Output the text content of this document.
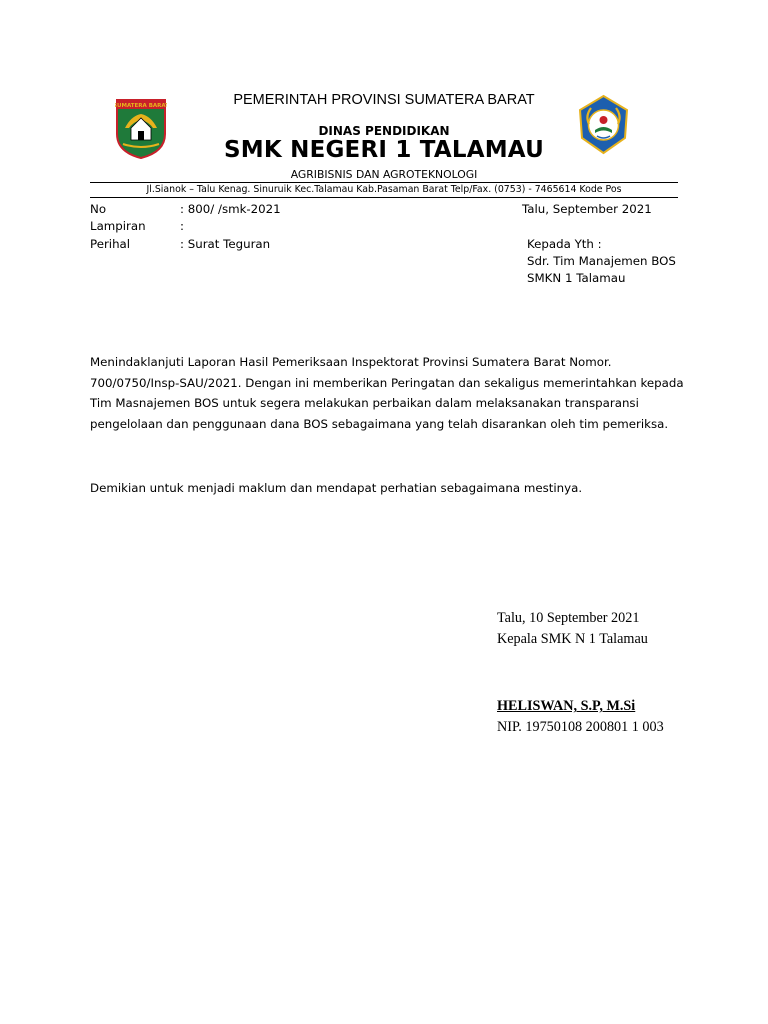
SUMATERA BARAT	PEMERINTAH PROVINSI SUMATERA BARAT
DINAS PENDIDIKAN
SMK NEGERI 1 TALAMAU
AGRIBISNIS DAN AGROTEKNOLOGI
Jl.Sianok – Talu Kenag. Sinuruik Kec.Talamau Kab.Pasaman Barat Telp/Fax. (0753) - 7465614 Kode Pos
No	: 800/ /smk-2021	Talu, September 2021
Lampiran	:
Perihal	: Surat Teguran	Kepada Yth :
Sdr. Tim Manajemen BOS
SMKN 1 Talamau
Menindaklanjuti Laporan Hasil Pemeriksaan Inspektorat Provinsi Sumatera Barat Nomor.
700/0750/Insp-SAU/2021. Dengan ini memberikan Peringatan dan sekaligus memerintahkan kepada
Tim Masnajemen BOS untuk segera melakukan perbaikan dalam melaksanakan transparansi
pengelolaan dan penggunaan dana BOS sebagaimana yang telah disarankan oleh tim pemeriksa.
Demikian untuk menjadi maklum dan mendapat perhatian sebagaimana mestinya.
Talu, 10 September 2021
Kepala SMK N 1 Talamau
HELISWAN, S.P, M.Si
NIP. 19750108 200801 1 003
